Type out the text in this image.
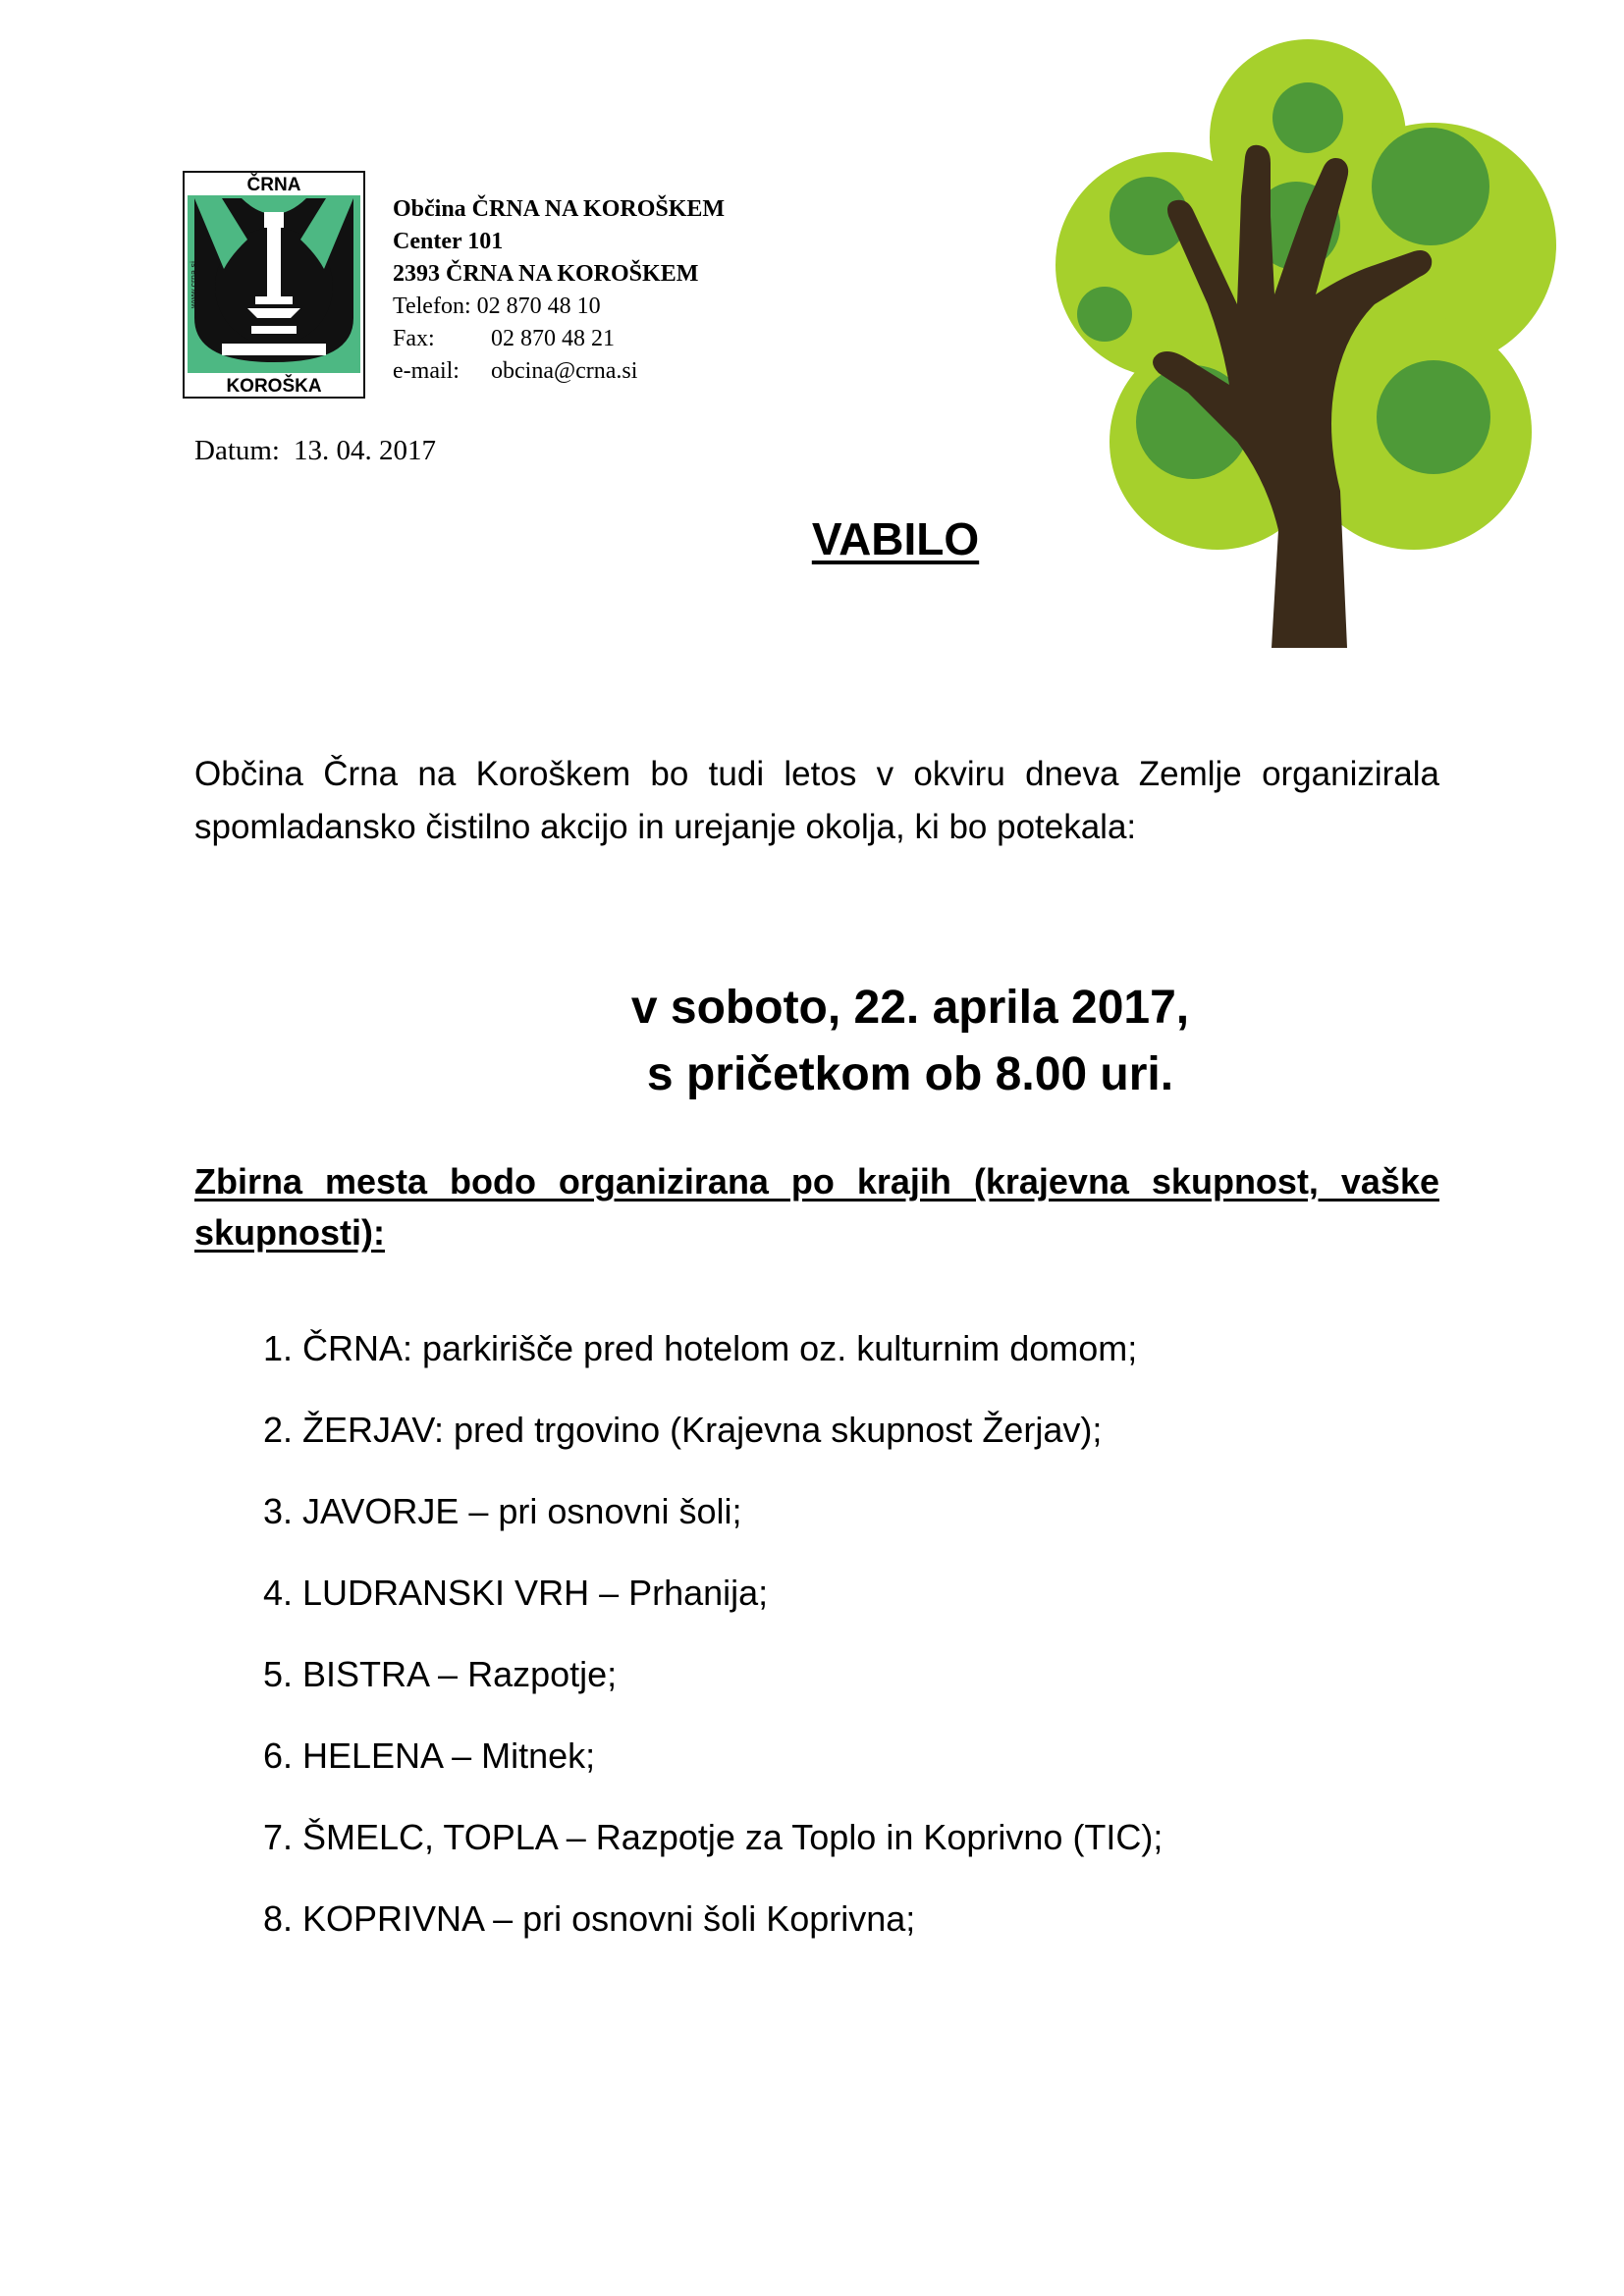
ČRNA
KOROŠKA
www.crna.si
Občina ČRNA NA KOROŠKEM
Center 101
2393 ČRNA NA KOROŠKEM
Telefon: 02 870 48 10
Fax: 02 870 48 21
e-mail: obcina@crna.si
Datum: 13. 04. 2017
VABILO
Občina Črna na Koroškem bo tudi letos v okviru dneva Zemlje organizirala spomladansko čistilno akcijo in urejanje okolja, ki bo potekala:
v soboto, 22. aprila 2017,
s pričetkom ob 8.00 uri.
Zbirna mesta bodo organizirana po krajih (krajevna skupnost, vaške skupnosti):
1. ČRNA: parkirišče pred hotelom oz. kulturnim domom;
2. ŽERJAV: pred trgovino (Krajevna skupnost Žerjav);
3. JAVORJE – pri osnovni šoli;
4. LUDRANSKI VRH – Prhanija;
5. BISTRA – Razpotje;
6. HELENA – Mitnek;
7. ŠMELC, TOPLA – Razpotje za Toplo in Koprivno (TIC);
8. KOPRIVNA – pri osnovni šoli Koprivna;
